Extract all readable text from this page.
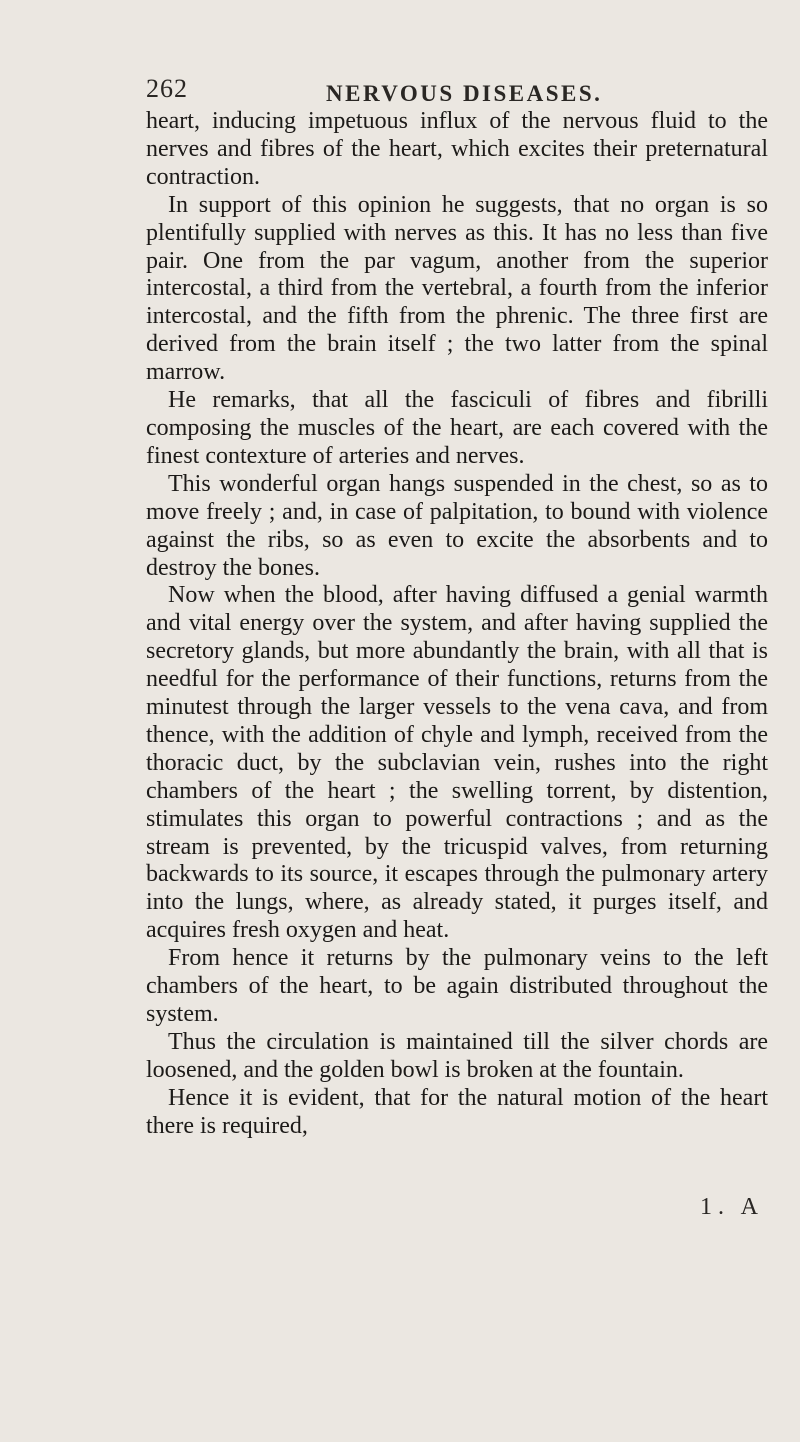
262	NERVOUS DISEASES.

heart, inducing impetuous influx of the nervous fluid to the nerves and fibres of the heart, which excites their preternatural contraction.

In support of this opinion he suggests, that no organ is so plentifully supplied with nerves as this. It has no less than five pair. One from the par vagum, another from the superior intercostal, a third from the vertebral, a fourth from the inferior intercostal, and the fifth from the phrenic. The three first are derived from the brain itself ; the two latter from the spinal marrow.

He remarks, that all the fasciculi of fibres and fibrilli composing the muscles of the heart, are each covered with the finest contexture of arteries and nerves.

This wonderful organ hangs suspended in the chest, so as to move freely ; and, in case of palpitation, to bound with violence against the ribs, so as even to excite the absorbents and to destroy the bones.

Now when the blood, after having diffused a genial warmth and vital energy over the system, and after having supplied the secretory glands, but more abundantly the brain, with all that is needful for the performance of their functions, returns from the minutest through the larger vessels to the vena cava, and from thence, with the addition of chyle and lymph, received from the thoracic duct, by the subclavian vein, rushes into the right chambers of the heart ; the swelling torrent, by distention, stimulates this organ to powerful contractions ; and as the stream is prevented, by the tricuspid valves, from returning backwards to its source, it escapes through the pulmonary artery into the lungs, where, as already stated, it purges itself, and acquires fresh oxygen and heat.

From hence it returns by the pulmonary veins to the left chambers of the heart, to be again distributed throughout the system.

Thus the circulation is maintained till the silver chords are loosened, and the golden bowl is broken at the fountain.

Hence it is evident, that for the natural motion of the heart there is required,

1. A
